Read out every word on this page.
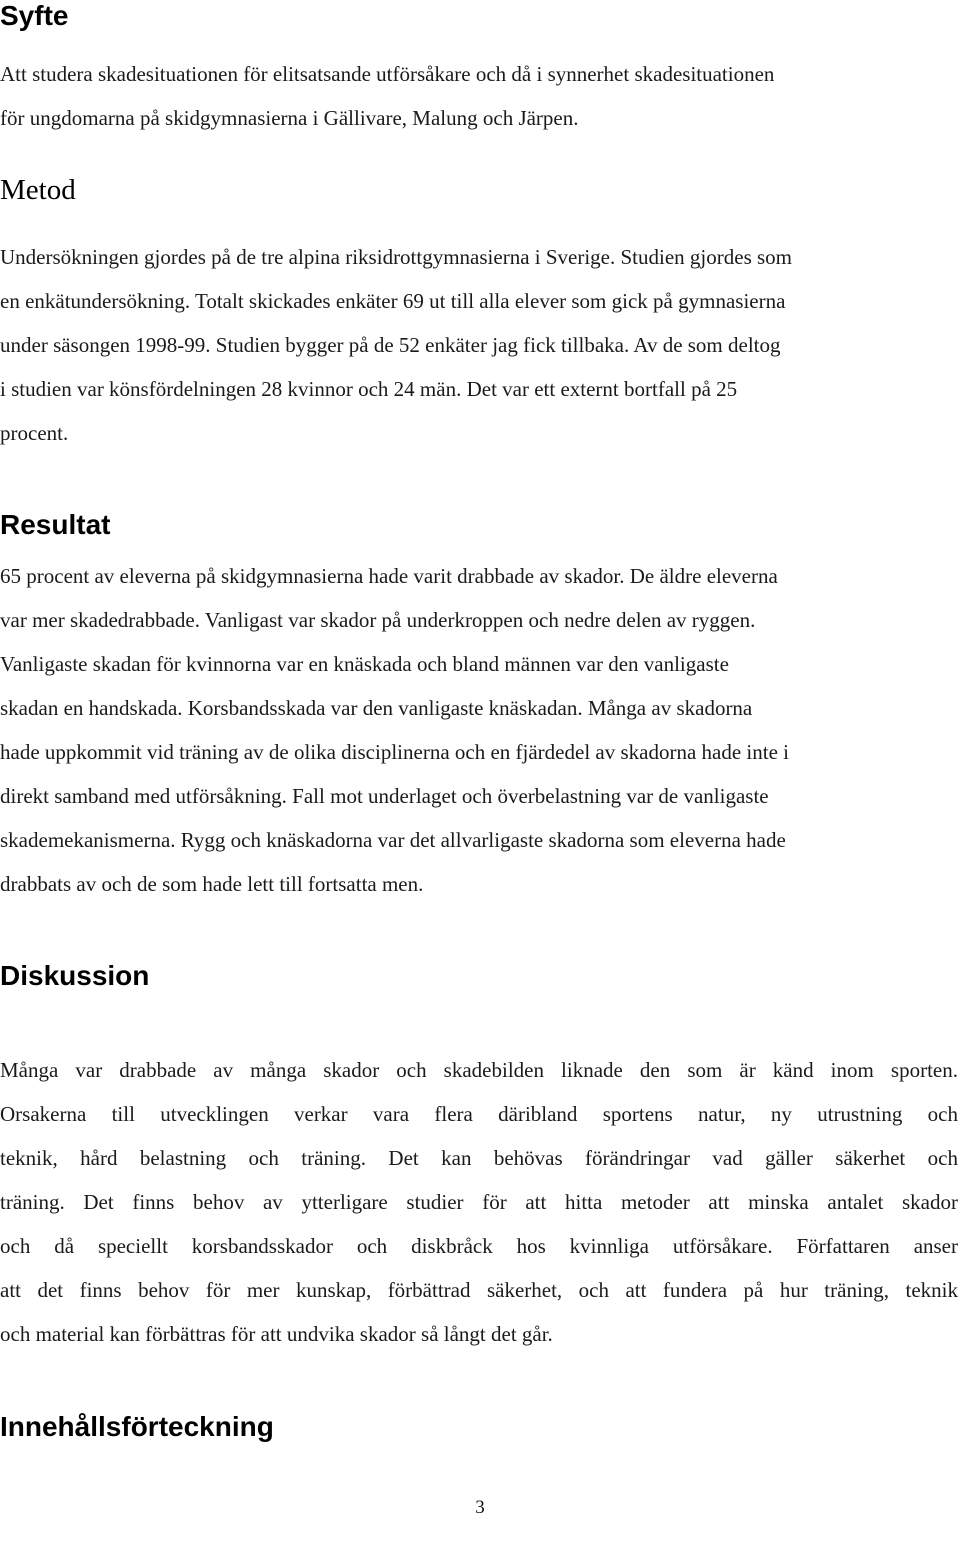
Syfte
Att studera skadesituationen för elitsatsande utförsåkare och då i synnerhet skadesituationen
för ungdomarna på skidgymnasierna i Gällivare, Malung och Järpen.
Metod
Undersökningen gjordes på de tre alpina riksidrottgymnasierna i Sverige. Studien gjordes som
en enkätundersökning. Totalt skickades enkäter 69 ut till alla elever som gick på gymnasierna
under säsongen 1998-99. Studien bygger på de 52 enkäter jag fick tillbaka. Av de som deltog
i studien var könsfördelningen 28 kvinnor och 24 män. Det var ett externt bortfall på 25
procent.
Resultat
65 procent av eleverna på skidgymnasierna hade varit drabbade av skador. De äldre eleverna
var mer skadedrabbade. Vanligast var skador på underkroppen och nedre delen av ryggen.
Vanligaste skadan för kvinnorna var en knäskada och bland männen var den vanligaste
skadan en handskada. Korsbandsskada var den vanligaste knäskadan. Många av skadorna
hade uppkommit vid träning av de olika disciplinerna och en fjärdedel av skadorna hade inte i
direkt samband med utförsåkning. Fall mot underlaget och överbelastning var de vanligaste
skademekanismerna. Rygg och knäskadorna var det allvarligaste skadorna som eleverna hade
drabbats av och de som hade lett till fortsatta men.
Diskussion
Många var drabbade av många skador och skadebilden liknade den som är känd inom sporten.
Orsakerna till utvecklingen verkar vara flera däribland sportens natur, ny utrustning och
teknik, hård belastning och träning. Det kan behövas förändringar vad gäller säkerhet och
träning. Det finns behov av ytterligare studier för att hitta metoder att minska antalet skador
och då speciellt korsbandsskador och diskbråck hos kvinnliga utförsåkare. Författaren anser
att det finns behov för mer kunskap, förbättrad säkerhet, och att fundera på hur träning, teknik
och material kan förbättras för att undvika skador så långt det går.
Innehållsförteckning
3
